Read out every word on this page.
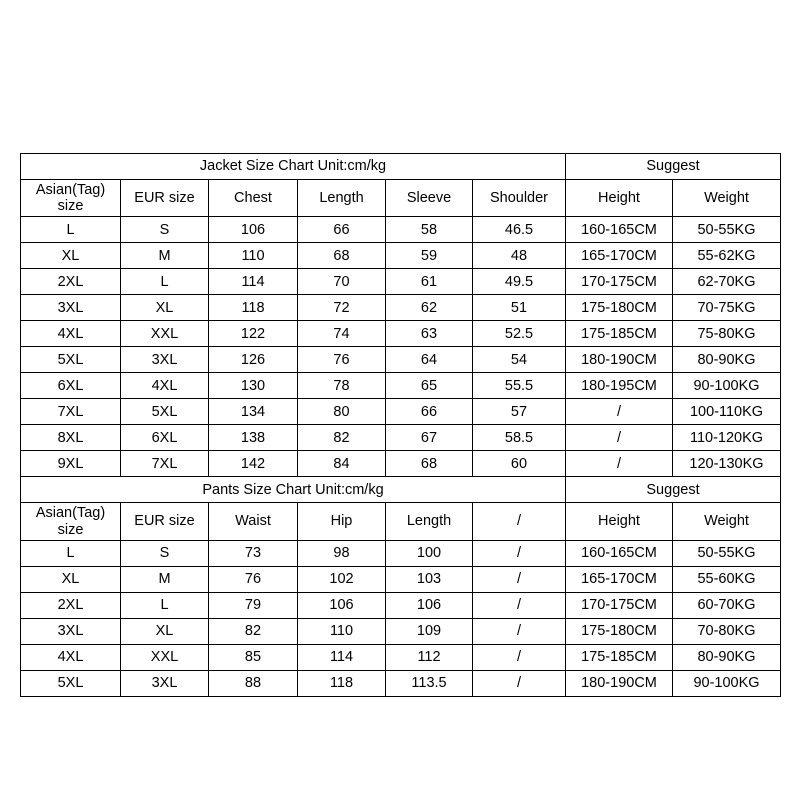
Jacket Size Chart Unit:cm/kg						Suggest	
Asian(Tag)
size	EUR size	Chest	Length	Sleeve	Shoulder	Height	Weight
L	S	106	66	58	46.5	160-165CM	50-55KG
XL	M	110	68	59	48	165-170CM	55-62KG
2XL	L	114	70	61	49.5	170-175CM	62-70KG
3XL	XL	118	72	62	51	175-180CM	70-75KG
4XL	XXL	122	74	63	52.5	175-185CM	75-80KG
5XL	3XL	126	76	64	54	180-190CM	80-90KG
6XL	4XL	130	78	65	55.5	180-195CM	90-100KG
7XL	5XL	134	80	66	57	/	100-110KG
8XL	6XL	138	82	67	58.5	/	110-120KG
9XL	7XL	142	84	68	60	/	120-130KG
Pants Size Chart Unit:cm/kg						Suggest	
Asian(Tag)
size	EUR size	Waist	Hip	Length	/	Height	Weight
L	S	73	98	100	/	160-165CM	50-55KG
XL	M	76	102	103	/	165-170CM	55-60KG
2XL	L	79	106	106	/	170-175CM	60-70KG
3XL	XL	82	110	109	/	175-180CM	70-80KG
4XL	XXL	85	114	112	/	175-185CM	80-90KG
5XL	3XL	88	118	113.5	/	180-190CM	90-100KG
